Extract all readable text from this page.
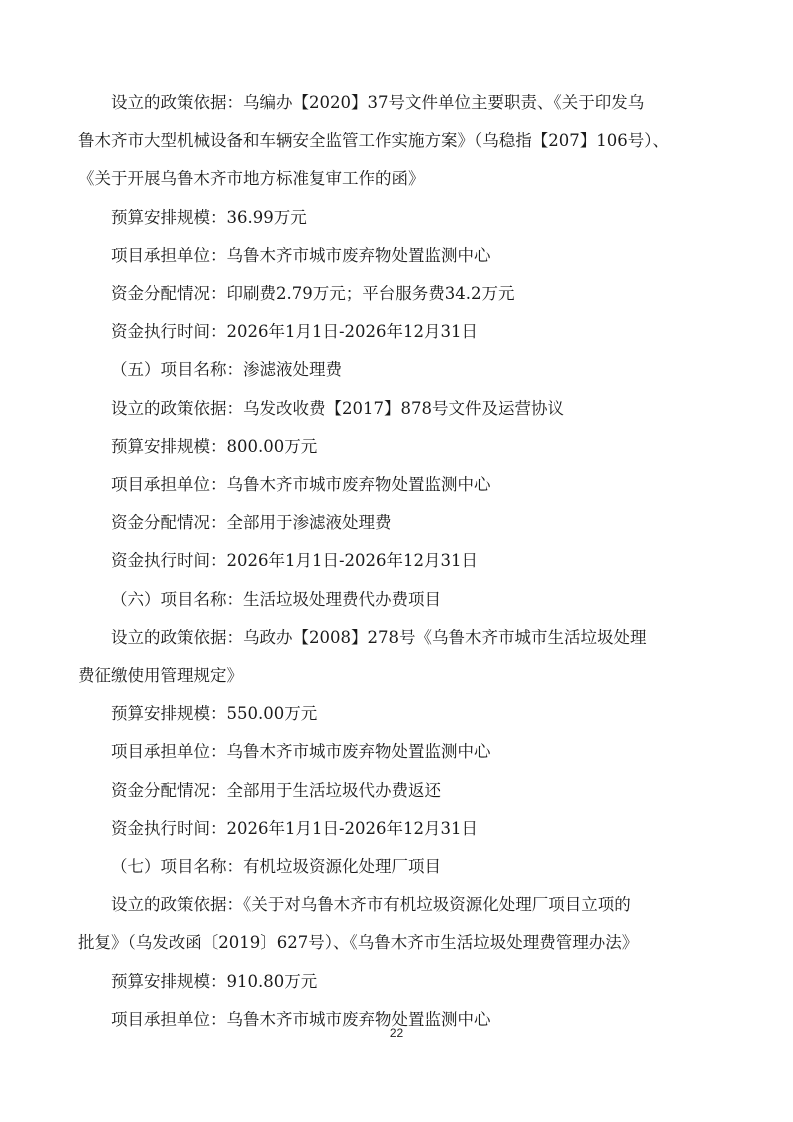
设立的政策依据：乌编办【2020】37号文件单位主要职责、《关于印发乌
鲁木齐市大型机械设备和车辆安全监管工作实施方案》（乌稳指【207】106号）、
《关于开展乌鲁木齐市地方标准复审工作的函》

预算安排规模：36.99万元

项目承担单位：乌鲁木齐市城市废弃物处置监测中心

资金分配情况：印刷费2.79万元；平台服务费34.2万元

资金执行时间：2026年1月1日-2026年12月31日

（五）项目名称：渗滤液处理费

设立的政策依据：乌发改收费【2017】878号文件及运营协议

预算安排规模：800.00万元

项目承担单位：乌鲁木齐市城市废弃物处置监测中心

资金分配情况：全部用于渗滤液处理费

资金执行时间：2026年1月1日-2026年12月31日

（六）项目名称：生活垃圾处理费代办费项目

设立的政策依据：乌政办【2008】278号《乌鲁木齐市城市生活垃圾处理
费征缴使用管理规定》

预算安排规模：550.00万元

项目承担单位：乌鲁木齐市城市废弃物处置监测中心

资金分配情况：全部用于生活垃圾代办费返还

资金执行时间：2026年1月1日-2026年12月31日

（七）项目名称：有机垃圾资源化处理厂项目

设立的政策依据：《关于对乌鲁木齐市有机垃圾资源化处理厂项目立项的
批复》（乌发改函〔2019〕627号）、《乌鲁木齐市生活垃圾处理费管理办法》

预算安排规模：910.80万元

项目承担单位：乌鲁木齐市城市废弃物处置监测中心

22
